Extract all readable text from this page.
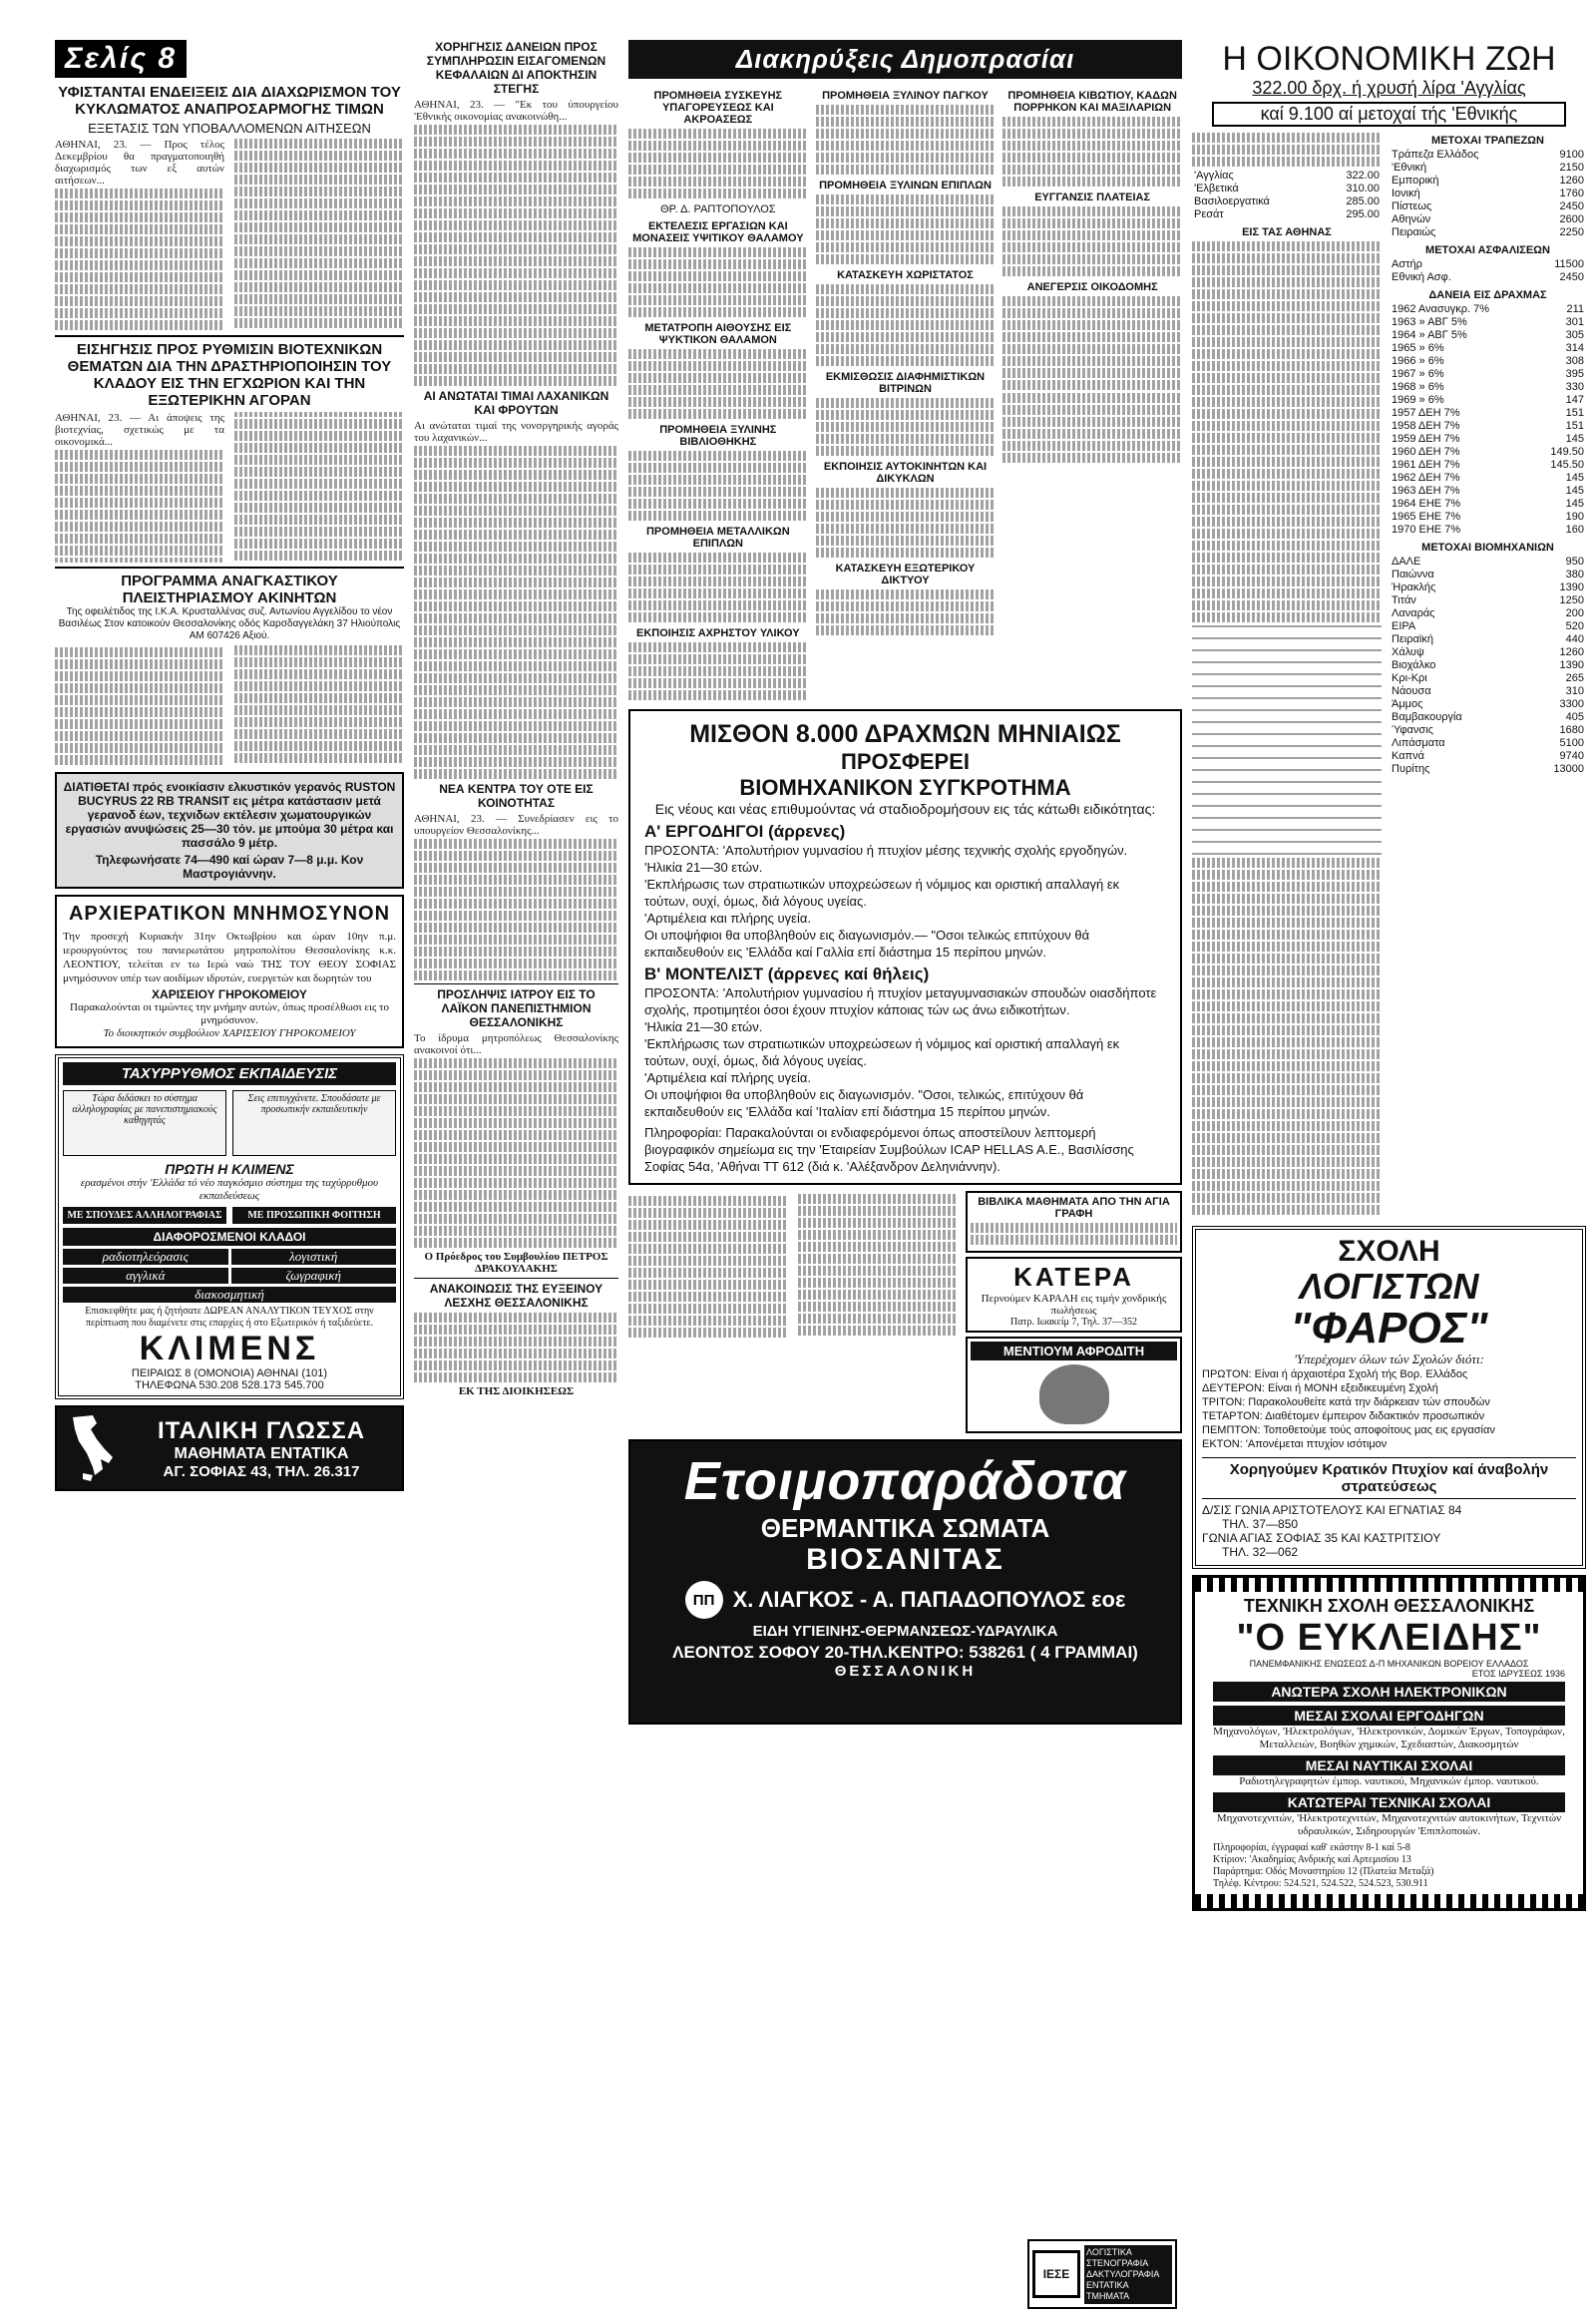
Σελίς 8
ΥΦΙΣΤΑΝΤΑΙ ΕΝΔΕΙΞΕΙΣ ΔΙΑ ΔΙΑΧΩΡΙΣΜΟΝ ΤΟΥ ΚΥΚΛΩΜΑΤΟΣ ΑΝΑΠΡΟΣΑΡΜΟΓΗΣ ΤΙΜΩΝ
ΕΞΕΤΑΣΙΣ ΤΩΝ ΥΠΟΒΑΛΛΟΜΕΝΩΝ ΑΙΤΗΣΕΩΝ
ΑΘΗΝΑΙ, 23. — Προς τέλος Δεκεμβρίου θα πραγματοποιηθή διαχωρισμός των εξ αυτών αιτήσεων...
ΕΙΣΗΓΗΣΙΣ ΠΡΟΣ ΡΥΘΜΙΣΙΝ ΒΙΟΤΕΧΝΙΚΩΝ ΘΕΜΑΤΩΝ ΔΙΑ ΤΗΝ ΔΡΑΣΤΗΡΙΟΠΟΙΗΣΙΝ ΤΟΥ ΚΛΑΔΟΥ ΕΙΣ ΤΗΝ ΕΓΧΩΡΙΟΝ ΚΑΙ ΤΗΝ ΕΞΩΤΕΡΙΚΗΝ ΑΓΟΡΑΝ
ΑΘΗΝΑΙ, 23. — Αι άποψεις της βιοτεχνίας, σχετικώς με τα οικονομικά...
ΠΡΟΓΡΑΜΜΑ ΑΝΑΓΚΑΣΤΙΚΟΥ ΠΛΕΙΣΤΗΡΙΑΣΜΟΥ ΑΚΙΝΗΤΩΝ
Της οφειλέτιδος της Ι.Κ.Α. Κρυσταλλένας συζ. Αντωνίου Αγγελίδου το νέον Βασιλέως Στον κατοικούν Θεσσαλονίκης οδός Καρσδαγγελάκη 37 Ηλιούπολις ΑΜ 607426 Αξιού.
ΔΙΑΤΙΘΕΤΑΙ πρός ενοικίασιν ελκυστικόν γερανός RUSTON BUCYRUS 22 RB TRANSIT εις μέτρα κατάστασιν μετά γερανοδ έων, τεχνιδων εκτέλεσιν χωματουργικών εργασιών ανυψώσεις 25—30 τόν. με μπούμα 30 μέτρα και πασσάλο 9 μέτρ.
Τηλεφωνήσατε 74—490 καί ώραν 7—8 μ.μ. Κον Μαστρογιάννην.
ΑΡΧΙΕΡΑΤΙΚΟΝ ΜΝΗΜΟΣΥΝΟΝ
Την προσεχή Κυριακήν 31ην Οκτωβρίου και ώραν 10ην π.μ. ιερουργούντος του πανιερωτάτου μητροπολίτου Θεσσαλονίκης κ.κ. ΛΕΟΝΤΙΟΥ, τελείται εν τω Ιερώ ναώ ΤΗΣ ΤΟΥ ΘΕΟΥ ΣΟΦΙΑΣ μνημόσυνον υπέρ των αοιδίμων ιδρυτών, ευεργετών και δωρητών του
ΧΑΡΙΣΕΙΟΥ ΓΗΡΟΚΟΜΕΙΟΥ
Παρακαλούνται οι τιμώντες την μνήμην αυτών, όπως προσέλθωσι εις το μνημόσυνον.
Το διοικητικόν συμβούλιον ΧΑΡΙΣΕΙΟΥ ΓΗΡΟΚΟΜΕΙΟΥ
ΤΑΧΥΡΡΥΘΜΟΣ ΕΚΠΑΙΔΕΥΣΙΣ
Τώρα διδάσκει το σύστημα αλληλογραφίας με πανεπιστημιακούς καθηγητάς
Σεις επιτυγχάνετε. Σπουδάσατε με προσωπικήν εκπαιδευτικήν
ΠΡΩΤΗ Η ΚΛΙΜΕΝΣ
ερασμένοι στήν 'Ελλάδα τό νέο παγκόσμιο σύστημα της ταχύρρυθμου εκπαιδεύσεως
ΜΕ ΣΠΟΥΔΕΣ ΑΛΛΗΛΟΓΡΑΦΙΑΣ	ΜΕ ΠΡΟΣΩΠΙΚΗ ΦΟΙΤΗΣΗ
ΔΙΑΦΟΡΟΣΜΕΝΟΙ ΚΛΑΔΟΙ
ραδιοτηλεόρασις	λογιστική
αγγλικά	ζωγραφική
διακοσμητική
Επισκεφθήτε μας ή ζητήσατε ΔΩΡΕΑΝ ΑΝΑΛΥΤΙΚΟΝ ΤΕΥΧΟΣ στην περίπτωση που διαμένετε στις επαρχίες ή στο Εξωτερικόν ή ταξιδεύετε.
ΚΛΙΜΕΝΣ
ΠΕΙΡΑΙΩΣ 8 (ΟΜΟΝΟΙΑ) ΑΘΗΝΑΙ (101)
ΤΗΛΕΦΩΝΑ 530.208 528.173 545.700
ΙΤΑΛΙΚΗ ΓΛΩΣΣΑ
ΜΑΘΗΜΑΤΑ ΕΝΤΑΤΙΚΑ
ΑΓ. ΣΟΦΙΑΣ 43, ΤΗΛ. 26.317
ΧΟΡΗΓΗΣΙΣ ΔΑΝΕΙΩΝ ΠΡΟΣ ΣΥΜΠΛΗΡΩΣΙΝ ΕΙΣΑΓΟΜΕΝΩΝ ΚΕΦΑΛΑΙΩΝ ΔΙ ΑΠΟΚΤΗΣΙΝ ΣΤΕΓΗΣ
ΑΘΗΝΑΙ, 23. — "Εκ του ύπουργείου 'Εθνικής οικονομίας ανακοινώθη...
ΑΙ ΑΝΩΤΑΤΑΙ ΤΙΜΑΙ ΛΑΧΑΝΙΚΩΝ ΚΑΙ ΦΡΟΥΤΩΝ
Αι ανώταται τιμαί της νονσργηρικής αγοράς του λαχανικών...
ΝΕΑ ΚΕΝΤΡΑ ΤΟΥ ΟΤΕ ΕΙΣ ΚΟΙΝΟΤΗΤΑΣ
ΑΘΗΝΑΙ, 23. — Συνεδρίασεν εις το υπουργείον Θεσσαλονίκης...
ΠΡΟΣΛΗΨΙΣ ΙΑΤΡΟΥ ΕΙΣ ΤΟ ΛΑΪΚΟΝ ΠΑΝΕΠΙΣΤΗΜΙΟΝ ΘΕΣΣΑΛΟΝΙΚΗΣ
Το ίδρυμα μητροπόλεως Θεσσαλονίκης ανακοινοί ότι...
Ο Πρόεδρος του Συμβουλίου ΠΕΤΡΟΣ ΔΡΑΚΟΥΛΑΚΗΣ
ΑΝΑΚΟΙΝΩΣΙΣ ΤΗΣ ΕΥΞΕΙΝΟΥ ΛΕΣΧΗΣ ΘΕΣΣΑΛΟΝΙΚΗΣ
ΕΚ ΤΗΣ ΔΙΟΙΚΗΣΕΩΣ
Διακηρύξεις Δημοπρασίαι
ΠΡΟΜΗΘΕΙΑ ΣΥΣΚΕΥΗΣ ΥΠΑΓΟΡΕΥΣΕΩΣ ΚΑΙ ΑΚΡΟΑΣΕΩΣ
ΘΡ. Δ. ΡΑΠΤΟΠΟΥΛΟΣ
ΕΚΤΕΛΕΣΙΣ ΕΡΓΑΣΙΩΝ ΚΑΙ ΜΟΝΑΣΕΙΣ ΥΨΙΤΙΚΟΥ ΘΑΛΑΜΟΥ
ΜΕΤΑΤΡΟΠΗ ΑΙΘΟΥΣΗΣ ΕΙΣ ΨΥΚΤΙΚΟΝ ΘΑΛΑΜΟΝ
ΠΡΟΜΗΘΕΙΑ ΞΥΛΙΝΗΣ ΒΙΒΛΙΟΘΗΚΗΣ
ΠΡΟΜΗΘΕΙΑ ΜΕΤΑΛΛΙΚΩΝ ΕΠΙΠΛΩΝ
ΕΚΠΟΙΗΣΙΣ ΑΧΡΗΣΤΟΥ ΥΛΙΚΟΥ
ΠΡΟΜΗΘΕΙΑ ΞΥΛΙΝΟΥ ΠΑΓΚΟΥ
ΠΡΟΜΗΘΕΙΑ ΞΥΛΙΝΩΝ ΕΠΙΠΛΩΝ
ΚΑΤΑΣΚΕΥΗ ΧΩΡΙΣΤΑΤΟΣ
ΕΚΜΙΣΘΩΣΙΣ ΔΙΑΦΗΜΙΣΤΙΚΩΝ ΒΙΤΡΙΝΩΝ
ΕΚΠΟΙΗΣΙΣ ΑΥΤΟΚΙΝΗΤΩΝ ΚΑΙ ΔΙΚΥΚΛΩΝ
ΚΑΤΑΣΚΕΥΗ ΕΞΩΤΕΡΙΚΟΥ ΔΙΚΤΥΟΥ
ΠΡΟΜΗΘΕΙΑ ΚΙΒΩΤΙΟΥ, ΚΑΔΩΝ ΠΟΡΡΗΚΟΝ ΚΑΙ ΜΑΞΙΛΑΡΙΩΝ
ΕΥΓΓΑΝΣΙΣ ΠΛΑΤΕΙΑΣ
ΑΝΕΓΕΡΣΙΣ ΟΙΚΟΔΟΜΗΣ
ΜΙΣΘΟΝ 8.000 ΔΡΑΧΜΩΝ ΜΗΝΙΑΙΩΣ
ΠΡΟΣΦΕΡΕΙ
ΒΙΟΜΗΧΑΝΙΚΟΝ ΣΥΓΚΡΟΤΗΜΑ
Εις νέους και νέας επιθυμούντας νά σταδιοδρομήσουν εις τάς κάτωθι ειδικότητας:
Α' ΕΡΓΟΔΗΓΟΙ (άρρενες)
ΠΡΟΣΟΝΤΑ: 'Απολυτήριον γυμνασίου ή πτυχίον μέσης τεχνικής σχολής εργοδηγών.
'Ηλικία 21—30 ετών.
'Εκπλήρωσις των στρατιωτικών υποχρεώσεων ή νόμιμος και οριστική απαλλαγή εκ τούτων, ουχί, όμως, διά λόγους υγείας.
'Αρτιμέλεια και πλήρης υγεία.
Οι υποψήφιοι θα υποβληθούν εις διαγωνισμόν.— "Οσοι τελικώς επιτύχουν θά εκπαιδευθούν εις 'Ελλάδα καί Γαλλία επί διάστημα 15 περίπου μηνών.
Β' ΜΟΝΤΕΛΙΣΤ (άρρενες καί θήλεις)
ΠΡΟΣΟΝΤΑ: 'Απολυτήριον γυμνασίου ή πτυχίον μεταγυμνασιακών σπουδών οιασδήποτε σχολής, προτιμητέοι όσοι έχουν πτυχίον κάποιας τών ως άνω ειδικοτήτων.
'Ηλικία 21—30 ετών.
'Εκπλήρωσις των στρατιωτικών υποχρεώσεων ή νόμιμος καί οριστική απαλλαγή εκ τούτων, ουχί, όμως, διά λόγους υγείας.
'Αρτιμέλεια καί πλήρης υγεία.
Οι υποψήφιοι θα υποβληθούν εις διαγωνισμόν. "Οσοι, τελικώς, επιτύχουν θά εκπαιδευθούν εις 'Ελλάδα καί 'Ιταλίαν επί διάστημα 15 περίπου μηνών.
Πληροφορίαι: Παρακαλούνται οι ενδιαφερόμενοι όπως αποστείλουν λεπτομερή βιογραφικόν σημείωμα εις την 'Εταιρείαν Συμβούλων ICAP HELLAS A.E., Βασιλίσσης Σοφίας 54α, 'Αθήναι ΤΤ 612 (διά κ. 'Αλέξανδρον Δεληνιάννην).
ΒΙΒΛΙΚΑ ΜΑΘΗΜΑΤΑ ΑΠΟ ΤΗΝ ΑΓΙΑ ΓΡΑΦΗ
ΚΑΤΕΡΑ
Περνούμεν ΚΑΡΑΛΗ εις τιμήν χονδρικής πωλήσεως
Πατρ. Ιωακείμ 7, Τηλ. 37—352
ΜΕΝΤΙΟΥΜ ΑΦΡΟΔΙΤΗ
Ετοιμοπαράδοτα
ΘΕΡΜΑΝΤΙΚΑ ΣΩΜΑΤΑ
ΒΙΟΣΑΝΙΤΑΣ
ΠΠ Χ. ΛΙΑΓΚΟΣ - Α. ΠΑΠΑΔΟΠΟΥΛΟΣ εοε
ΕΙΔΗ ΥΓΙΕΙΝΗΣ-ΘΕΡΜΑΝΣΕΩΣ-ΥΔΡΑΥΛΙΚΑ
ΛΕΟΝΤΟΣ ΣΟΦΟΥ 20-ΤΗΛ.ΚΕΝΤΡΟ: 538261 ( 4 ΓΡΑΜΜΑΙ)
ΘΕΣΣΑΛΟΝΙΚΗ
ΙΕΣΕ
ΛΟΓΙΣΤΙΚΑ ΣΤΕΝΟΓΡΑΦΙΑ ΔΑΚΤΥΛΟΓΡΑΦΙΑ ΕΝΤΑΤΙΚΑ ΤΜΗΜΑΤΑ
Η ΟΙΚΟΝΟΜΙΚΗ ΖΩΗ
322.00 δρχ. ή χρυσή λίρα 'Αγγλίας
καί 9.100 αί μετοχαί τής 'Εθνικής
'Αγγλίας	322.00
'Ελβετικά	310.00
Βασιλοεργατικά	285.00
Ρεσάτ	295.00
ΕΙΣ ΤΑΣ ΑΘΗΝΑΣ
ΜΕΤΟΧΑΙ ΤΡΑΠΕΖΩΝ
Τράπεζα Ελλάδος	9100
'Εθνική	2150
Εμπορική	1260
Ιονική	1760
Πίστεως	2450
Αθηνών	2600
Πειραιώς	2250
ΜΕΤΟΧΑΙ ΑΣΦΑΛΙΣΕΩΝ
Αστήρ	11500
Εθνική Ασφ.	2450
ΔΑΝΕΙΑ ΕΙΣ ΔΡΑΧΜΑΣ
1962 Ανασυγκρ. 7%	211
1963 » ΑΒΓ 5%	301
1964 » ΑΒΓ 5%	305
1965 » 6%	314
1966 » 6%	308
1967 » 6%	395
1968 » 6%	330
1969 » 6%	147
1957 ΔΕΗ 7%	151
1958 ΔΕΗ 7%	151
1959 ΔΕΗ 7%	145
1960 ΔΕΗ 7%	149.50
1961 ΔΕΗ 7%	145.50
1962 ΔΕΗ 7%	145
1963 ΔΕΗ 7%	145
1964 ΕΗΕ 7%	145
1965 ΕΗΕ 7%	190
1970 ΕΗΕ 7%	160
ΜΕΤΟΧΑΙ ΒΙΟΜΗΧΑΝΙΩΝ
ΔΑΛΕ	950
Παιώννα	380
Ήρακλής	1390
Τιτάν	1250
Λαναράς	200
ΕΙΡΑ	520
Πειραϊκή	440
Χάλυψ	1260
Βιοχάλκο	1390
Κρι-Κρι	265
Νάουσα	310
Άμμος	3300
Βαμβακουργία	405
Ύφανσις	1680
Λιπάσματα	5100
Καπνά	9740
Πυρίτης	13000
ΣΧΟΛΗ
ΛΟΓΙΣΤΩΝ
"ΦΑΡΟΣ"
'Υπερέχομεν όλων τών Σχολών διότι:
ΠΡΩΤΟΝ: Είναι ή άρχαιοτέρα Σχολή τής Βορ. Ελλάδος
ΔΕΥΤΕΡΟΝ: Είναι ή ΜΟΝΗ εξειδικευμένη Σχολή
ΤΡΙΤΟΝ: Παρακολουθείτε κατά την διάρκειαν τών σπουδών
ΤΕΤΑΡΤΟΝ: Διαθέτομεν έμπειρον διδακτικόν προσωπικόν
ΠΕΜΠΤΟΝ: Τοποθετούμε τούς αποφοίτους μας εις εργασίαν
ΕΚΤΟΝ: 'Απονέμεται πτυχίον ισότιμον
Χορηγούμεν Κρατικόν Πτυχίον καί άναβολήν στρατεύσεως
Δ/ΣΙΣ ΓΩΝΙΑ ΑΡΙΣΤΟΤΕΛΟΥΣ ΚΑΙ ΕΓΝΑΤΙΑΣ 84
ΤΗΛ. 37—850
ΓΩΝΙΑ ΑΓΙΑΣ ΣΟΦΙΑΣ 35 ΚΑΙ ΚΑΣΤΡΙΤΣΙΟΥ
ΤΗΛ. 32—062
ΤΕΧΝΙΚΗ ΣΧΟΛΗ ΘΕΣΣΑΛΟΝΙΚΗΣ
"Ο ΕΥΚΛΕΙΔΗΣ"
ΠΑΝΕΜΦΑΝΙΚΗΣ ΕΝΩΣΕΩΣ Δ-Π ΜΗΧΑΝΙΚΩΝ ΒΟΡΕΙΟΥ ΕΛΛΑΔΟΣ
ΕΤΟΣ ΙΔΡΥΣΕΩΣ 1936
ΑΝΩΤΕΡΑ ΣΧΟΛΗ ΗΛΕΚΤΡΟΝΙΚΩΝ
ΜΕΣΑΙ ΣΧΟΛΑΙ ΕΡΓΟΔΗΓΩΝ
Μηχανολόγων, 'Ηλεκτρολόγων, 'Ηλεκτρονικών, Δομικών Έργων, Τοπογράφων, Μεταλλειών, Βοηθών χημικών, Σχεδιαστών, Διακοσμητών
ΜΕΣΑΙ ΝΑΥΤΙΚΑΙ ΣΧΟΛΑΙ
Ραδιοτηλεγραφητών έμπορ. ναυτικού, Μηχανικών έμπορ. ναυτικού.
ΚΑΤΩΤΕΡΑΙ ΤΕΧΝΙΚΑΙ ΣΧΟΛΑΙ
Μηχανοτεχνιτών, 'Ηλεκτροτεχνιτών, Μηχανοτεχνιτών αυτοκινήτων, Τεχνιτών υδραυλικών, Σιδηρουργών 'Επιπλοποιών.
Πληροφορίαι, έγγραφαί καθ' εκάστην 8-1 καί 5-8
Κτίριον: 'Ακαδημίας Ανδρικής καί Αρτεμισίου 13
Παράρτημα: Οδός Μοναστηρίου 12 (Πλατεία Μεταξά)
Τηλέφ. Κέντρου: 524.521, 524.522, 524.523, 530.911
